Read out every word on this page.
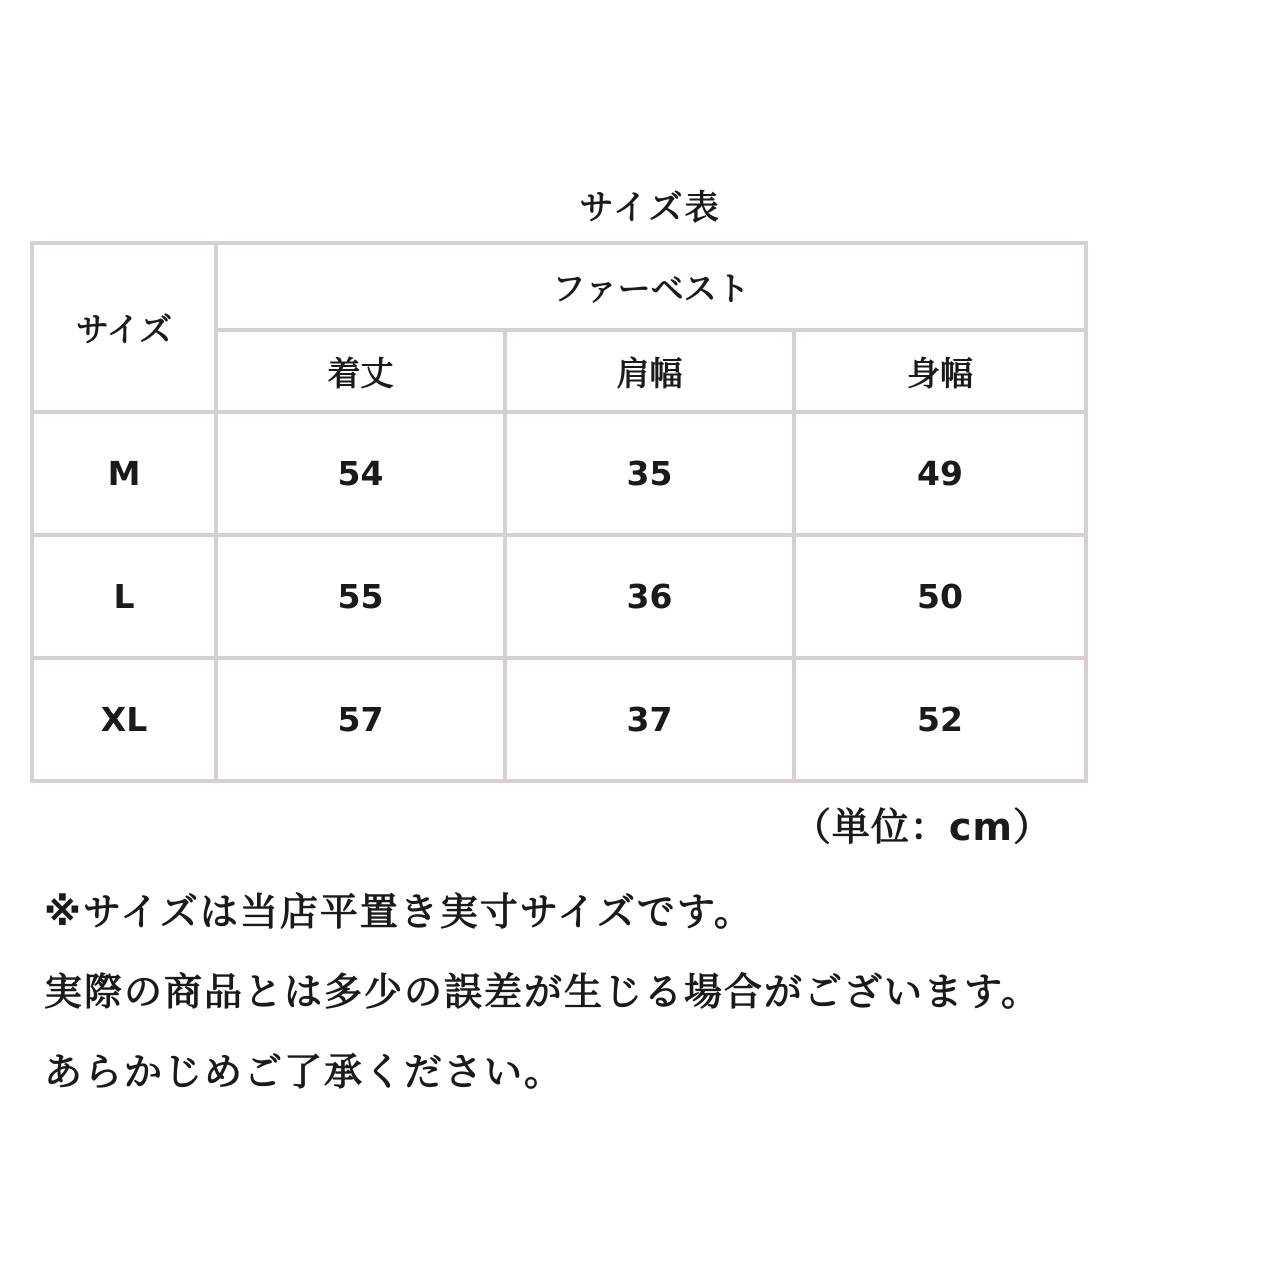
サイズ表
サイズ	ファーベスト		
	着丈	肩幅	身幅
M	54	35	49
L	55	36	50
XL	57	37	52
（単位：cm）
※サイズは当店平置き実寸サイズです。
実際の商品とは多少の誤差が生じる場合がございます。
あらかじめご了承ください。
